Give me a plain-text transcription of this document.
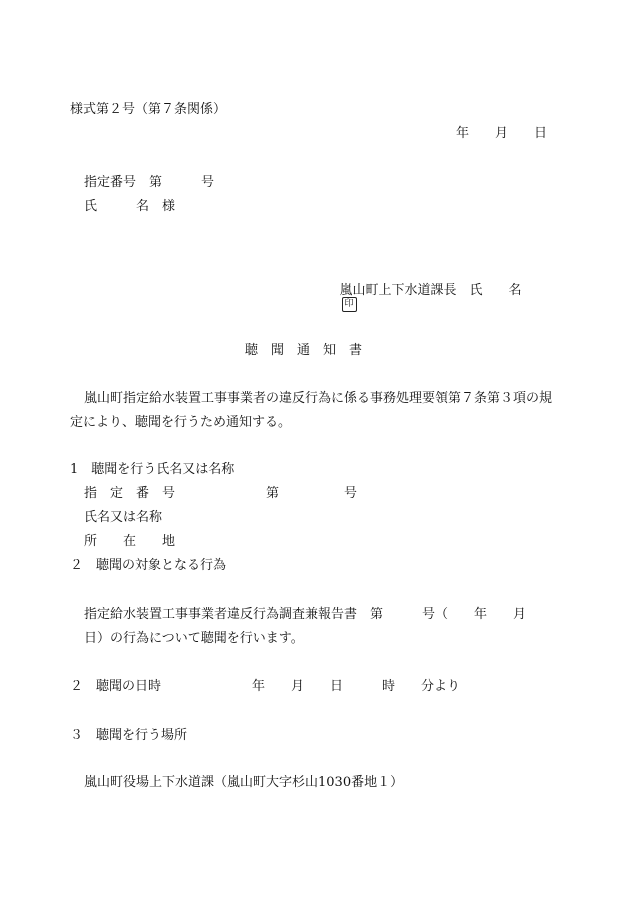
様式第２号（第７条関係）
年　　月　　日
指定番号　第　　　号
氏　　　名　様

嵐山町上下水道課長　氏　　名
印

聴　聞　通　知　書
嵐山町指定給水装置工事事業者の違反行為に係る事務処理要領第７条第３項の規
定により、聴聞を行うため通知する。
1　聴聞を行う氏名又は名称
指　定　番　号　　　　　　　第　　　　　号
氏名又は名称
所　　在　　地
２　聴聞の対象となる行為
指定給水装置工事事業者違反行為調査兼報告書　第　　　号（　　年　　月
日）の行為について聴聞を行います。
２　聴聞の日時　　　　　　　年　　月　　日　　　時　　分より
３　聴聞を行う場所
嵐山町役場上下水道課（嵐山町大字杉山1030番地１）
